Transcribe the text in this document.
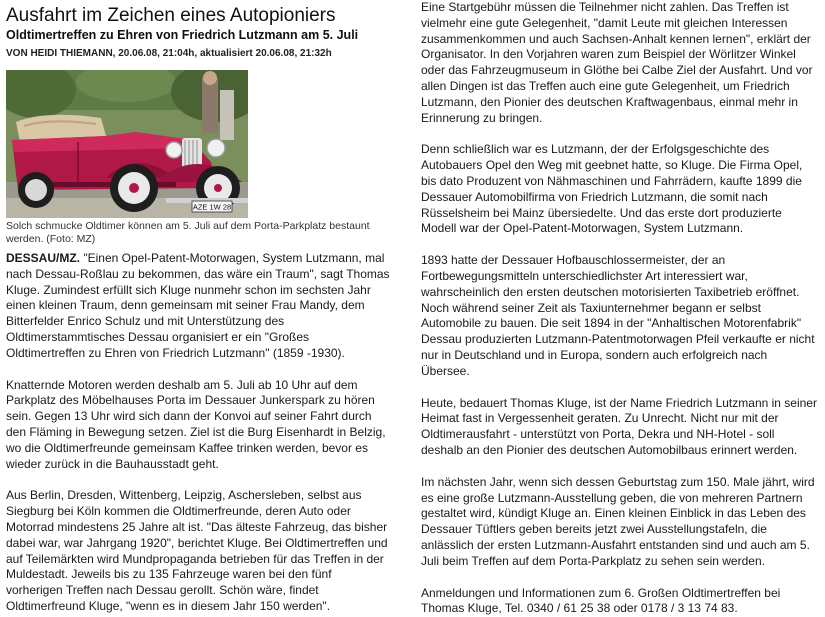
Ausfahrt im Zeichen eines Autopioniers
Oldtimertreffen zu Ehren von Friedrich Lutzmann am 5. Juli
VON HEIDI THIEMANN, 20.06.08, 21:04h, aktualisiert 20.06.08, 21:32h
AZE 1W 28
Solch schmucke Oldtimer können am 5. Juli auf dem Porta-Parkplatz bestaunt werden. (Foto: MZ)

DESSAU/MZ. "Einen Opel-Patent-Motorwagen, System Lutzmann, mal nach Dessau-Roßlau zu bekommen, das wäre ein Traum", sagt Thomas Kluge. Zumindest erfüllt sich Kluge nunmehr schon im sechsten Jahr einen kleinen Traum, denn gemeinsam mit seiner Frau Mandy, dem Bitterfelder Enrico Schulz und mit Unterstützung des Oldtimerstammtisches Dessau organisiert er ein "Großes Oldtimertreffen zu Ehren von Friedrich Lutzmann" (1859 -1930).

Knatternde Motoren werden deshalb am 5. Juli ab 10 Uhr auf dem Parkplatz des Möbelhauses Porta im Dessauer Junkerspark zu hören sein. Gegen 13 Uhr wird sich dann der Konvoi auf seiner Fahrt durch den Fläming in Bewegung setzen. Ziel ist die Burg Eisenhardt in Belzig, wo die Oldtimerfreunde gemeinsam Kaffee trinken werden, bevor es wieder zurück in die Bauhausstadt geht.

Aus Berlin, Dresden, Wittenberg, Leipzig, Aschersleben, selbst aus Siegburg bei Köln kommen die Oldtimerfreunde, deren Auto oder Motorrad mindestens 25 Jahre alt ist. "Das älteste Fahrzeug, das bisher dabei war, war Jahrgang 1920", berichtet Kluge. Bei Oldtimertreffen und auf Teilemärkten wird Mundpropaganda betrieben für das Treffen in der Muldestadt. Jeweils bis zu 135 Fahrzeuge waren bei den fünf vorherigen Treffen nach Dessau gerollt. Schön wäre, findet Oldtimerfreund Kluge, "wenn es in diesem Jahr 150 werden".

Eine Startgebühr müssen die Teilnehmer nicht zahlen. Das Treffen ist vielmehr eine gute Gelegenheit, "damit Leute mit gleichen Interessen zusammenkommen und auch Sachsen-Anhalt kennen lernen", erklärt der Organisator. In den Vorjahren waren zum Beispiel der Wörlitzer Winkel oder das Fahrzeugmuseum in Glöthe bei Calbe Ziel der Ausfahrt. Und vor allen Dingen ist das Treffen auch eine gute Gelegenheit, um Friedrich Lutzmann, den Pionier des deutschen Kraftwagenbaus, einmal mehr in Erinnerung zu bringen.

Denn schließlich war es Lutzmann, der der Erfolgsgeschichte des Autobauers Opel den Weg mit geebnet hatte, so Kluge. Die Firma Opel, bis dato Produzent von Nähmaschinen und Fahrrädern, kaufte 1899 die Dessauer Automobilfirma von Friedrich Lutzmann, die somit nach Rüsselsheim bei Mainz übersiedelte. Und das erste dort produzierte Modell war der Opel-Patent-Motorwagen, System Lutzmann.

1893 hatte der Dessauer Hofbauschlossermeister, der an Fortbewegungsmitteln unterschiedlichster Art interessiert war, wahrscheinlich den ersten deutschen motorisierten Taxibetrieb eröffnet. Noch während seiner Zeit als Taxiunternehmer begann er selbst Automobile zu bauen. Die seit 1894 in der "Anhaltischen Motorenfabrik" Dessau produzierten Lutzmann-Patentmotorwagen Pfeil verkaufte er nicht nur in Deutschland und in Europa, sondern auch erfolgreich nach Übersee.

Heute, bedauert Thomas Kluge, ist der Name Friedrich Lutzmann in seiner Heimat fast in Vergessenheit geraten. Zu Unrecht. Nicht nur mit der Oldtimerausfahrt - unterstützt von Porta, Dekra und NH-Hotel - soll deshalb an den Pionier des deutschen Automobilbaus erinnert werden.

Im nächsten Jahr, wenn sich dessen Geburtstag zum 150. Male jährt, wird es eine große Lutzmann-Ausstellung geben, die von mehreren Partnern gestaltet wird, kündigt Kluge an. Einen kleinen Einblick in das Leben des Dessauer Tüftlers geben bereits jetzt zwei Ausstellungstafeln, die anlässlich der ersten Lutzmann-Ausfahrt entstanden sind und auch am 5. Juli beim Treffen auf dem Porta-Parkplatz zu sehen sein werden.

Anmeldungen und Informationen zum 6. Großen Oldtimertreffen bei Thomas Kluge, Tel. 0340 / 61 25 38 oder 0178 / 3 13 74 83.
